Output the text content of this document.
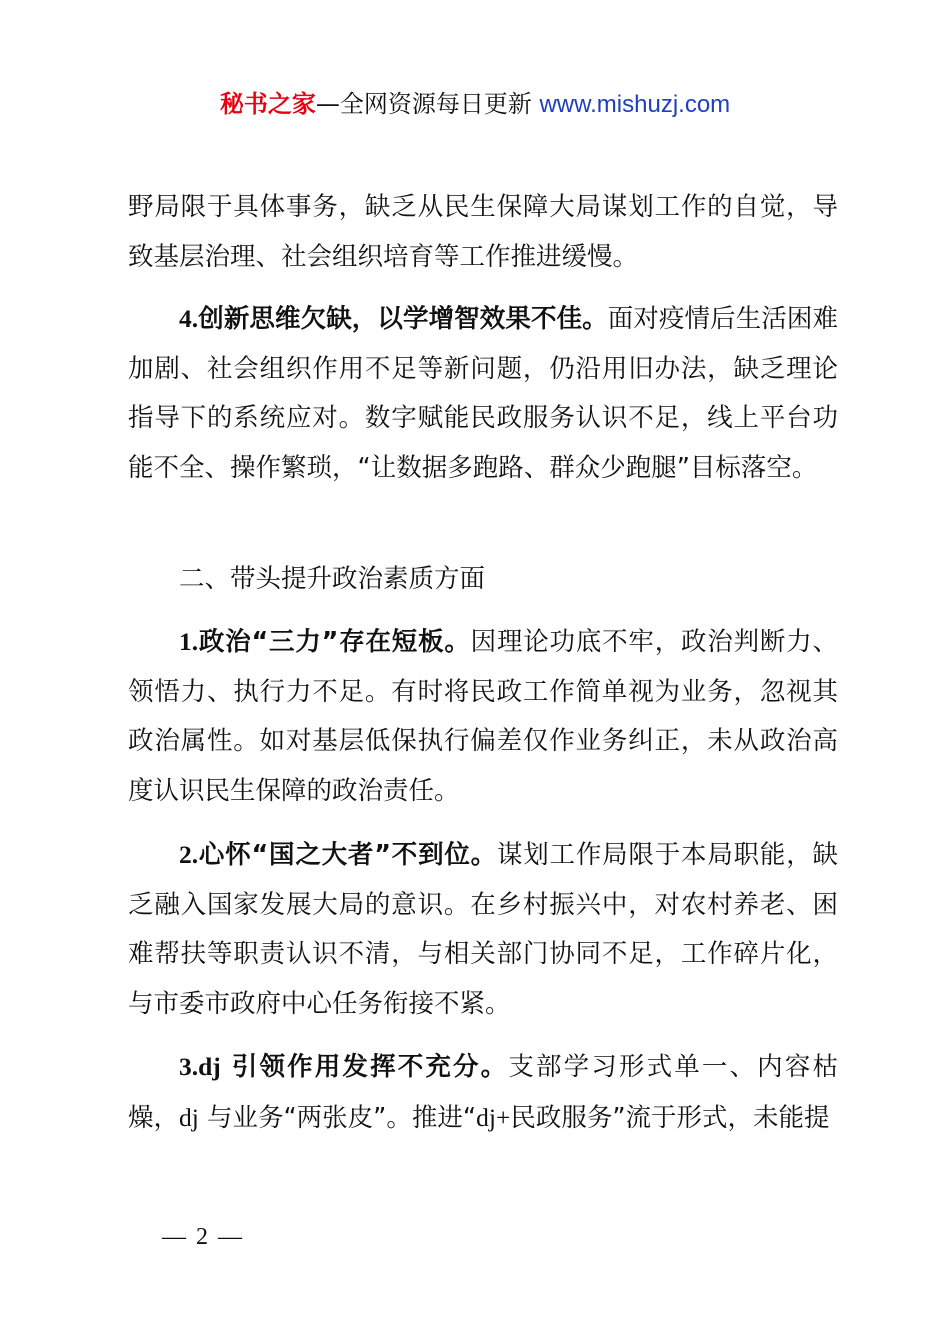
秘书之家—全网资源每日更新 www.mishuzj.com

野局限于具体事务，缺乏从民生保障大局谋划工作的自觉，导致基层治理、社会组织培育等工作推进缓慢。

4.创新思维欠缺，以学增智效果不佳。面对疫情后生活困难加剧、社会组织作用不足等新问题，仍沿用旧办法，缺乏理论指导下的系统应对。数字赋能民政服务认识不足，线上平台功能不全、操作繁琐，“让数据多跑路、群众少跑腿”目标落空。

二、带头提升政治素质方面

1.政治“三力”存在短板。因理论功底不牢，政治判断力、领悟力、执行力不足。有时将民政工作简单视为业务，忽视其政治属性。如对基层低保执行偏差仅作业务纠正，未从政治高度认识民生保障的政治责任。

2.心怀“国之大者”不到位。谋划工作局限于本局职能，缺乏融入国家发展大局的意识。在乡村振兴中，对农村养老、困难帮扶等职责认识不清，与相关部门协同不足，工作碎片化，与市委市政府中心任务衔接不紧。

3.dj 引领作用发挥不充分。支部学习形式单一、内容枯燥，dj 与业务“两张皮”。推进“dj+民政服务”流于形式，未能提

— 2 —
